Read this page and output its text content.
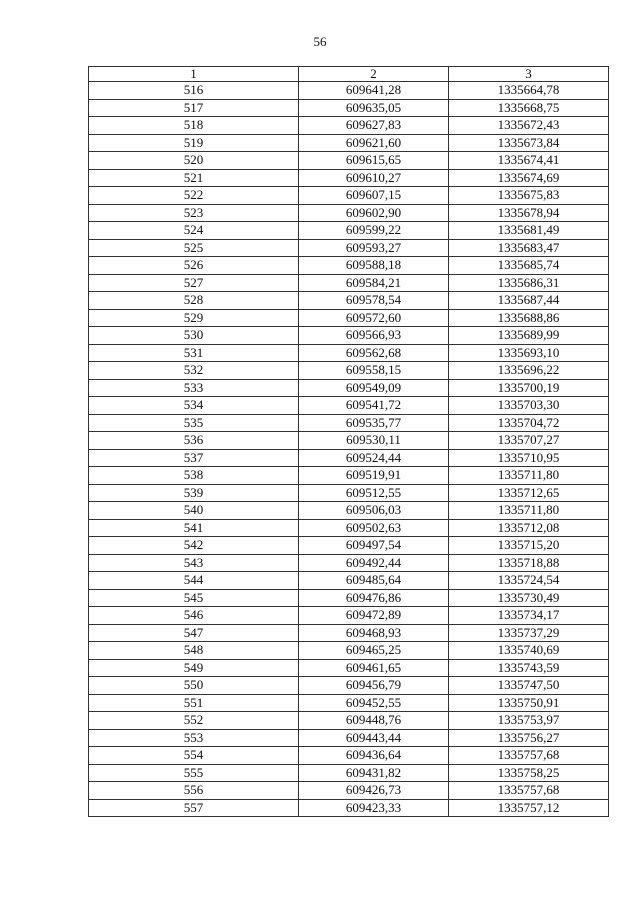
56
1	2	3
516	609641,28	1335664,78
517	609635,05	1335668,75
518	609627,83	1335672,43
519	609621,60	1335673,84
520	609615,65	1335674,41
521	609610,27	1335674,69
522	609607,15	1335675,83
523	609602,90	1335678,94
524	609599,22	1335681,49
525	609593,27	1335683,47
526	609588,18	1335685,74
527	609584,21	1335686,31
528	609578,54	1335687,44
529	609572,60	1335688,86
530	609566,93	1335689,99
531	609562,68	1335693,10
532	609558,15	1335696,22
533	609549,09	1335700,19
534	609541,72	1335703,30
535	609535,77	1335704,72
536	609530,11	1335707,27
537	609524,44	1335710,95
538	609519,91	1335711,80
539	609512,55	1335712,65
540	609506,03	1335711,80
541	609502,63	1335712,08
542	609497,54	1335715,20
543	609492,44	1335718,88
544	609485,64	1335724,54
545	609476,86	1335730,49
546	609472,89	1335734,17
547	609468,93	1335737,29
548	609465,25	1335740,69
549	609461,65	1335743,59
550	609456,79	1335747,50
551	609452,55	1335750,91
552	609448,76	1335753,97
553	609443,44	1335756,27
554	609436,64	1335757,68
555	609431,82	1335758,25
556	609426,73	1335757,68
557	609423,33	1335757,12
